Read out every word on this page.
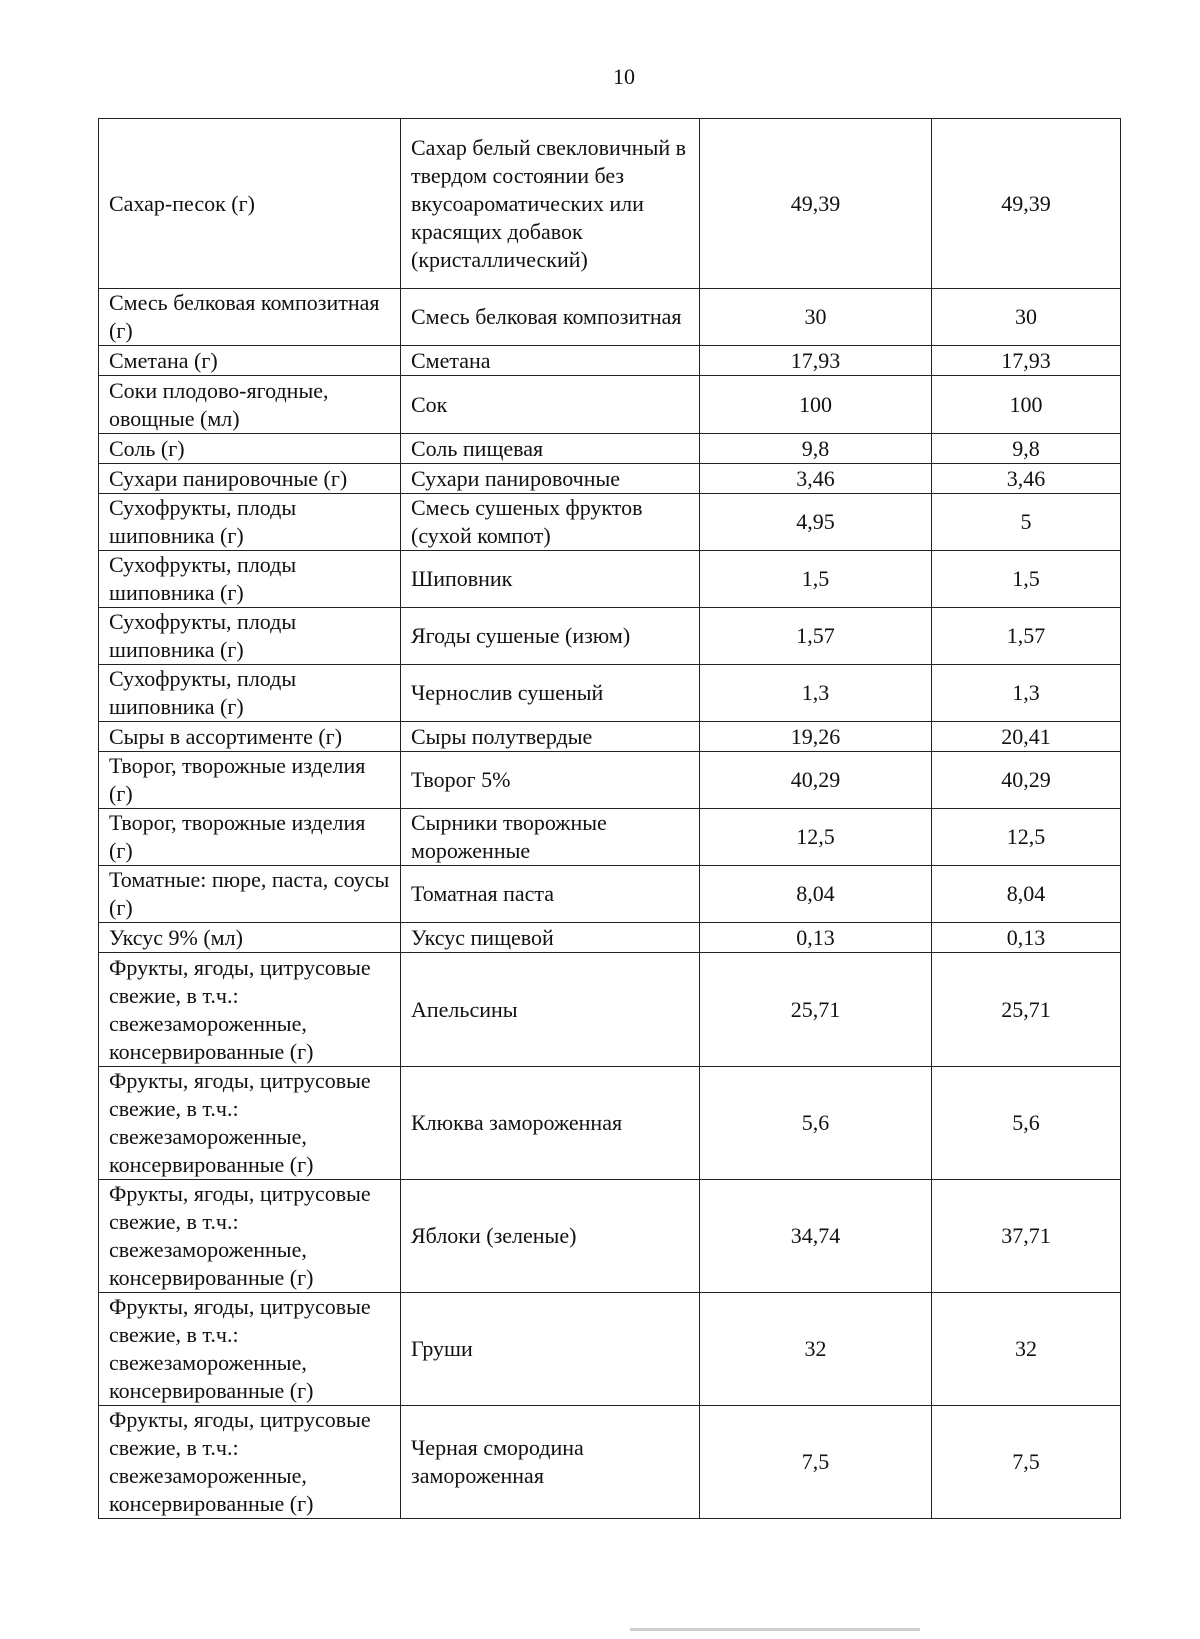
10
Сахар-песок (г)	Сахар белый свекловичный в твердом состоянии без вкусоароматических или красящих добавок (кристаллический)	49,39	49,39
Смесь белковая композитная (г)	Смесь белковая композитная	30	30
Сметана (г)	Сметана	17,93	17,93
Соки плодово-ягодные, овощные (мл)	Сок	100	100
Соль (г)	Соль пищевая	9,8	9,8
Сухари панировочные (г)	Сухари панировочные	3,46	3,46
Сухофрукты, плоды шиповника (г)	Смесь сушеных фруктов (сухой компот)	4,95	5
Сухофрукты, плоды шиповника (г)	Шиповник	1,5	1,5
Сухофрукты, плоды шиповника (г)	Ягоды сушеные (изюм)	1,57	1,57
Сухофрукты, плоды шиповника (г)	Чернослив сушеный	1,3	1,3
Сыры в ассортименте (г)	Сыры полутвердые	19,26	20,41
Творог, творожные изделия (г)	Творог 5%	40,29	40,29
Творог, творожные изделия (г)	Сырники творожные мороженные	12,5	12,5
Томатные: пюре, паста, соусы (г)	Томатная паста	8,04	8,04
Уксус 9% (мл)	Уксус пищевой	0,13	0,13
Фрукты, ягоды, цитрусовые свежие, в т.ч.: свежезамороженные, консервированные (г)	Апельсины	25,71	25,71
Фрукты, ягоды, цитрусовые свежие, в т.ч.: свежезамороженные, консервированные (г)	Клюква замороженная	5,6	5,6
Фрукты, ягоды, цитрусовые свежие, в т.ч.: свежезамороженные, консервированные (г)	Яблоки (зеленые)	34,74	37,71
Фрукты, ягоды, цитрусовые свежие, в т.ч.: свежезамороженные, консервированные (г)	Груши	32	32
Фрукты, ягоды, цитрусовые свежие, в т.ч.: свежезамороженные, консервированные (г)	Черная смородина замороженная	7,5	7,5
